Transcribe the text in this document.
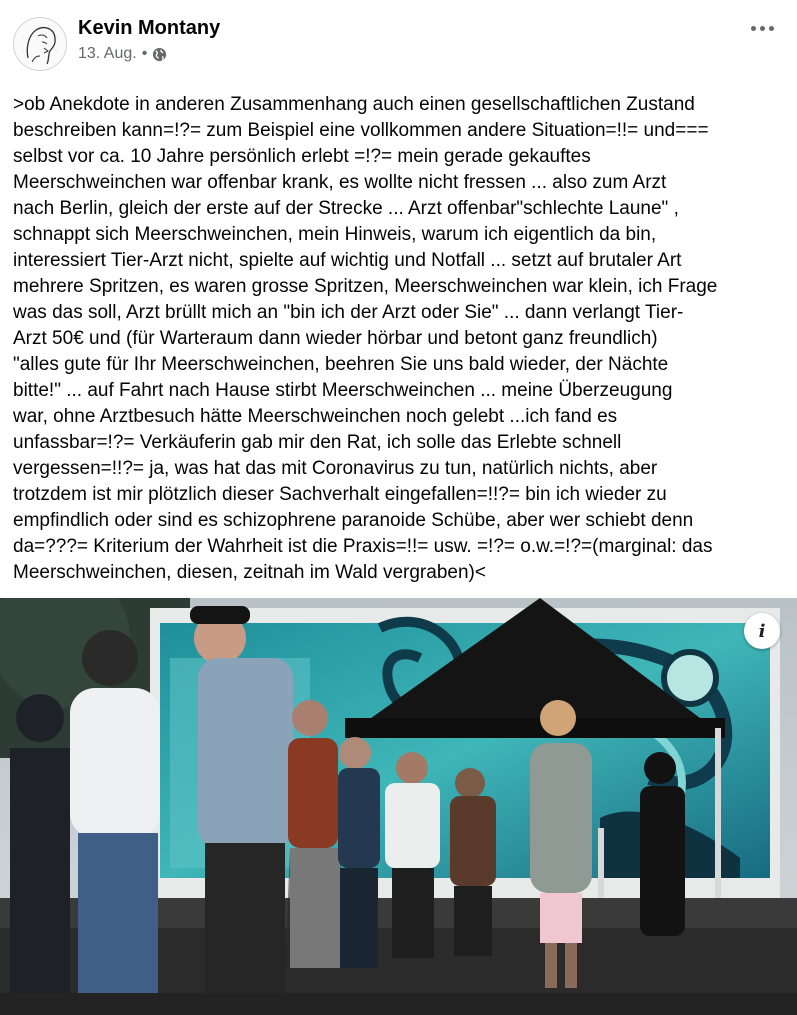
Kevin Montany
13. Aug. •

>ob Anekdote in anderen Zusammenhang auch einen gesellschaftlichen Zustand

beschreiben kann=!?= zum Beispiel eine vollkommen andere Situation=!!= und===

selbst vor ca. 10 Jahre persönlich erlebt =!?= mein gerade gekauftes

Meerschweinchen war offenbar krank, es wollte nicht fressen ... also zum Arzt

nach Berlin, gleich der erste auf der Strecke ... Arzt offenbar"schlechte Laune" ,

schnappt sich Meerschweinchen, mein Hinweis, warum ich eigentlich da bin,

interessiert Tier-Arzt nicht, spielte auf wichtig und Notfall ... setzt auf brutaler Art

mehrere Spritzen, es waren grosse Spritzen, Meerschweinchen war klein, ich Frage

was das soll, Arzt brüllt mich an "bin ich der Arzt oder Sie" ... dann verlangt Tier-

Arzt 50€ und (für Warteraum dann wieder hörbar und betont ganz freundlich)

"alles gute für Ihr Meerschweinchen, beehren Sie uns bald wieder, der Nächte

bitte!" ... auf Fahrt nach Hause stirbt Meerschweinchen ... meine Überzeugung

war, ohne Arztbesuch hätte Meerschweinchen noch gelebt ...ich fand es

unfassbar=!?= Verkäuferin gab mir den Rat, ich solle das Erlebte schnell

vergessen=!!?= ja, was hat das mit Coronavirus zu tun, natürlich nichts, aber

trotzdem ist mir plötzlich dieser Sachverhalt eingefallen=!!?= bin ich wieder zu

empfindlich oder sind es schizophrene paranoide Schübe, aber wer schiebt denn

da=???= Kriterium der Wahrheit ist die Praxis=!!= usw. =!?= o.w.=!?=(marginal: das

Meerschweinchen, diesen, zeitnah im Wald vergraben)<

i
